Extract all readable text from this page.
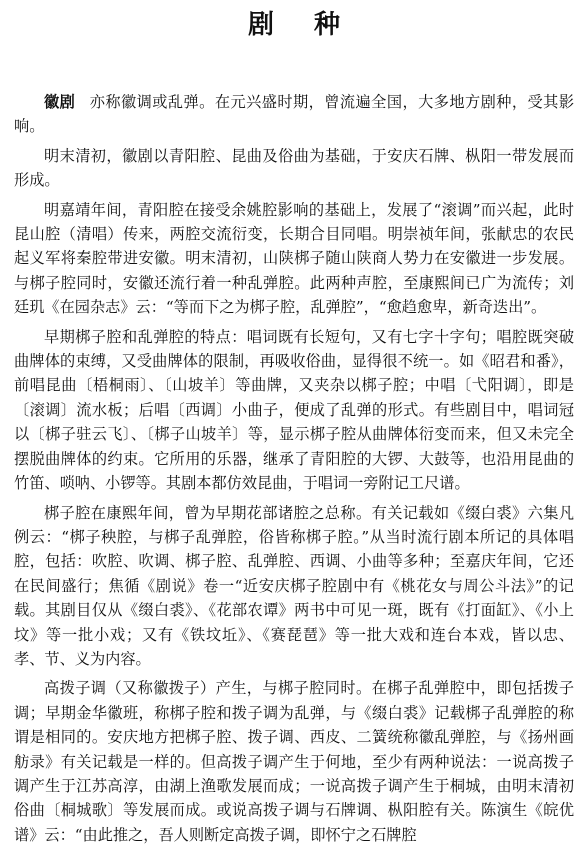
剧种

徽剧 亦称徽调或乱弹。在元兴盛时期，曾流遍全国，大多地方剧种，受其影响。

明末清初，徽剧以青阳腔、昆曲及俗曲为基础，于安庆石牌、枞阳一带发展而形成。

明嘉靖年间，青阳腔在接受余姚腔影响的基础上，发展了“滚调”而兴起，此时昆山腔（清唱）传来，两腔交流衍变，长期合目同唱。明崇祯年间，张献忠的农民起义军将秦腔带进安徽。明末清初，山陕梆子随山陕商人势力在安徽进一步发展。与梆子腔同时，安徽还流行着一种乱弹腔。此两种声腔，至康熙间已广为流传；刘廷玑《在园杂志》云：“等而下之为梆子腔，乱弹腔”，“愈趋愈卑，新奇迭出”。

早期梆子腔和乱弹腔的特点：唱词既有长短句，又有七字十字句；唱腔既突破曲牌体的束缚，又受曲牌体的限制，再吸收俗曲，显得很不统一。如《昭君和番》，前唱昆曲〔梧桐雨〕、〔山坡羊〕等曲牌，又夹杂以梆子腔；中唱〔弋阳调〕，即是〔滚调〕流水板；后唱〔西调〕小曲子，便成了乱弹的形式。有些剧目中，唱词冠以〔梆子驻云飞〕、〔梆子山坡羊〕等，显示梆子腔从曲牌体衍变而来，但又未完全摆脱曲牌体的约束。它所用的乐器，继承了青阳腔的大锣、大鼓等，也沿用昆曲的竹笛、唢呐、小锣等。其剧本都仿效昆曲，于唱词一旁附记工尺谱。

梆子腔在康熙年间，曾为早期花部诸腔之总称。有关记载如《缀白裘》六集凡例云：“梆子秧腔，与梆子乱弹腔，俗皆称梆子腔。”从当时流行剧本所记的具体唱腔，包括：吹腔、吹调、梆子腔、乱弹腔、西调、小曲等多种；至嘉庆年间，它还在民间盛行；焦循《剧说》卷一“近安庆梆子腔剧中有《桃花女与周公斗法》”的记载。其剧目仅从《缀白裘》、《花部农谭》两书中可见一斑，既有《打面缸》、《小上坟》等一批小戏；又有《铁坟坵》、《赛琵琶》等一批大戏和连台本戏，皆以忠、孝、节、义为内容。

高拨子调（又称徽拨子）产生，与梆子腔同时。在梆子乱弹腔中，即包括拨子调；早期金华徽班，称梆子腔和拨子调为乱弹，与《缀白裘》记载梆子乱弹腔的称谓是相同的。安庆地方把梆子腔、拨子调、西皮、二簧统称徽乱弹腔，与《扬州画舫录》有关记载是一样的。但高拨子调产生于何地，至少有两种说法：一说高拨子调产生于江苏高淳，由湖上渔歌发展而成；一说高拨子调产生于桐城，由明末清初俗曲〔桐城歌〕等发展而成。或说高拨子调与石牌调、枞阳腔有关。陈演生《皖优谱》云：“由此推之，吾人则断定高拨子调，即怀宁之石牌腔
